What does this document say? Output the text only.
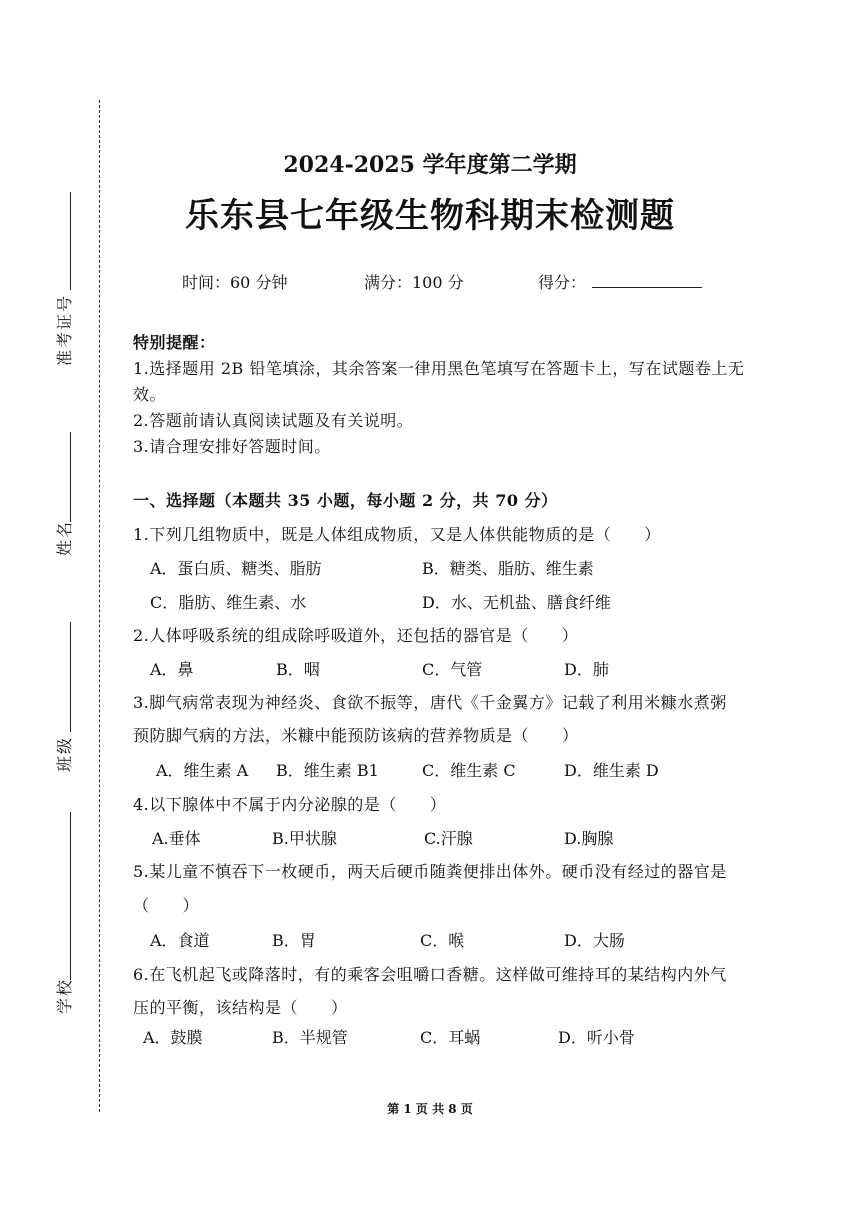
准考证号
姓名
班级
学校
2024-2025 学年度第二学期
乐东县七年级生物科期末检测题
时间：60 分钟	满分：100 分	得分：
特别提醒：
1.选择题用 2B 铅笔填涂，其余答案一律用黑色笔填写在答题卡上，写在试题卷上无
效。
2.答题前请认真阅读试题及有关说明。
3.请合理安排好答题时间。
一、选择题（本题共 35 小题，每小题 2 分，共 70 分）
1.下列几组物质中，既是人体组成物质，又是人体供能物质的是（　　）
A．蛋白质、糖类、脂肪	B．糖类、脂肪、维生素
C．脂肪、维生素、水	D．水、无机盐、膳食纤维
2.人体呼吸系统的组成除呼吸道外，还包括的器官是（　　）
A．鼻	B．咽	C．气管	D．肺
3.脚气病常表现为神经炎、食欲不振等，唐代《千金翼方》记载了利用米糠水煮粥
预防脚气病的方法，米糠中能预防该病的营养物质是（　　）
A．维生素 A B．维生素 B1	C．维生素 C	D．维生素 D
4.以下腺体中不属于内分泌腺的是（　　）
A.垂体	B.甲状腺	C.汗腺	D.胸腺
5.某儿童不慎吞下一枚硬币，两天后硬币随粪便排出体外。硬币没有经过的器官是
（　　）
A．食道	B．胃	C．喉	D．大肠
6.在飞机起飞或降落时，有的乘客会咀嚼口香糖。这样做可维持耳的某结构内外气
压的平衡，该结构是（　　）
A．鼓膜	B．半规管	C．耳蜗	D．听小骨
第 1 页 共 8 页
